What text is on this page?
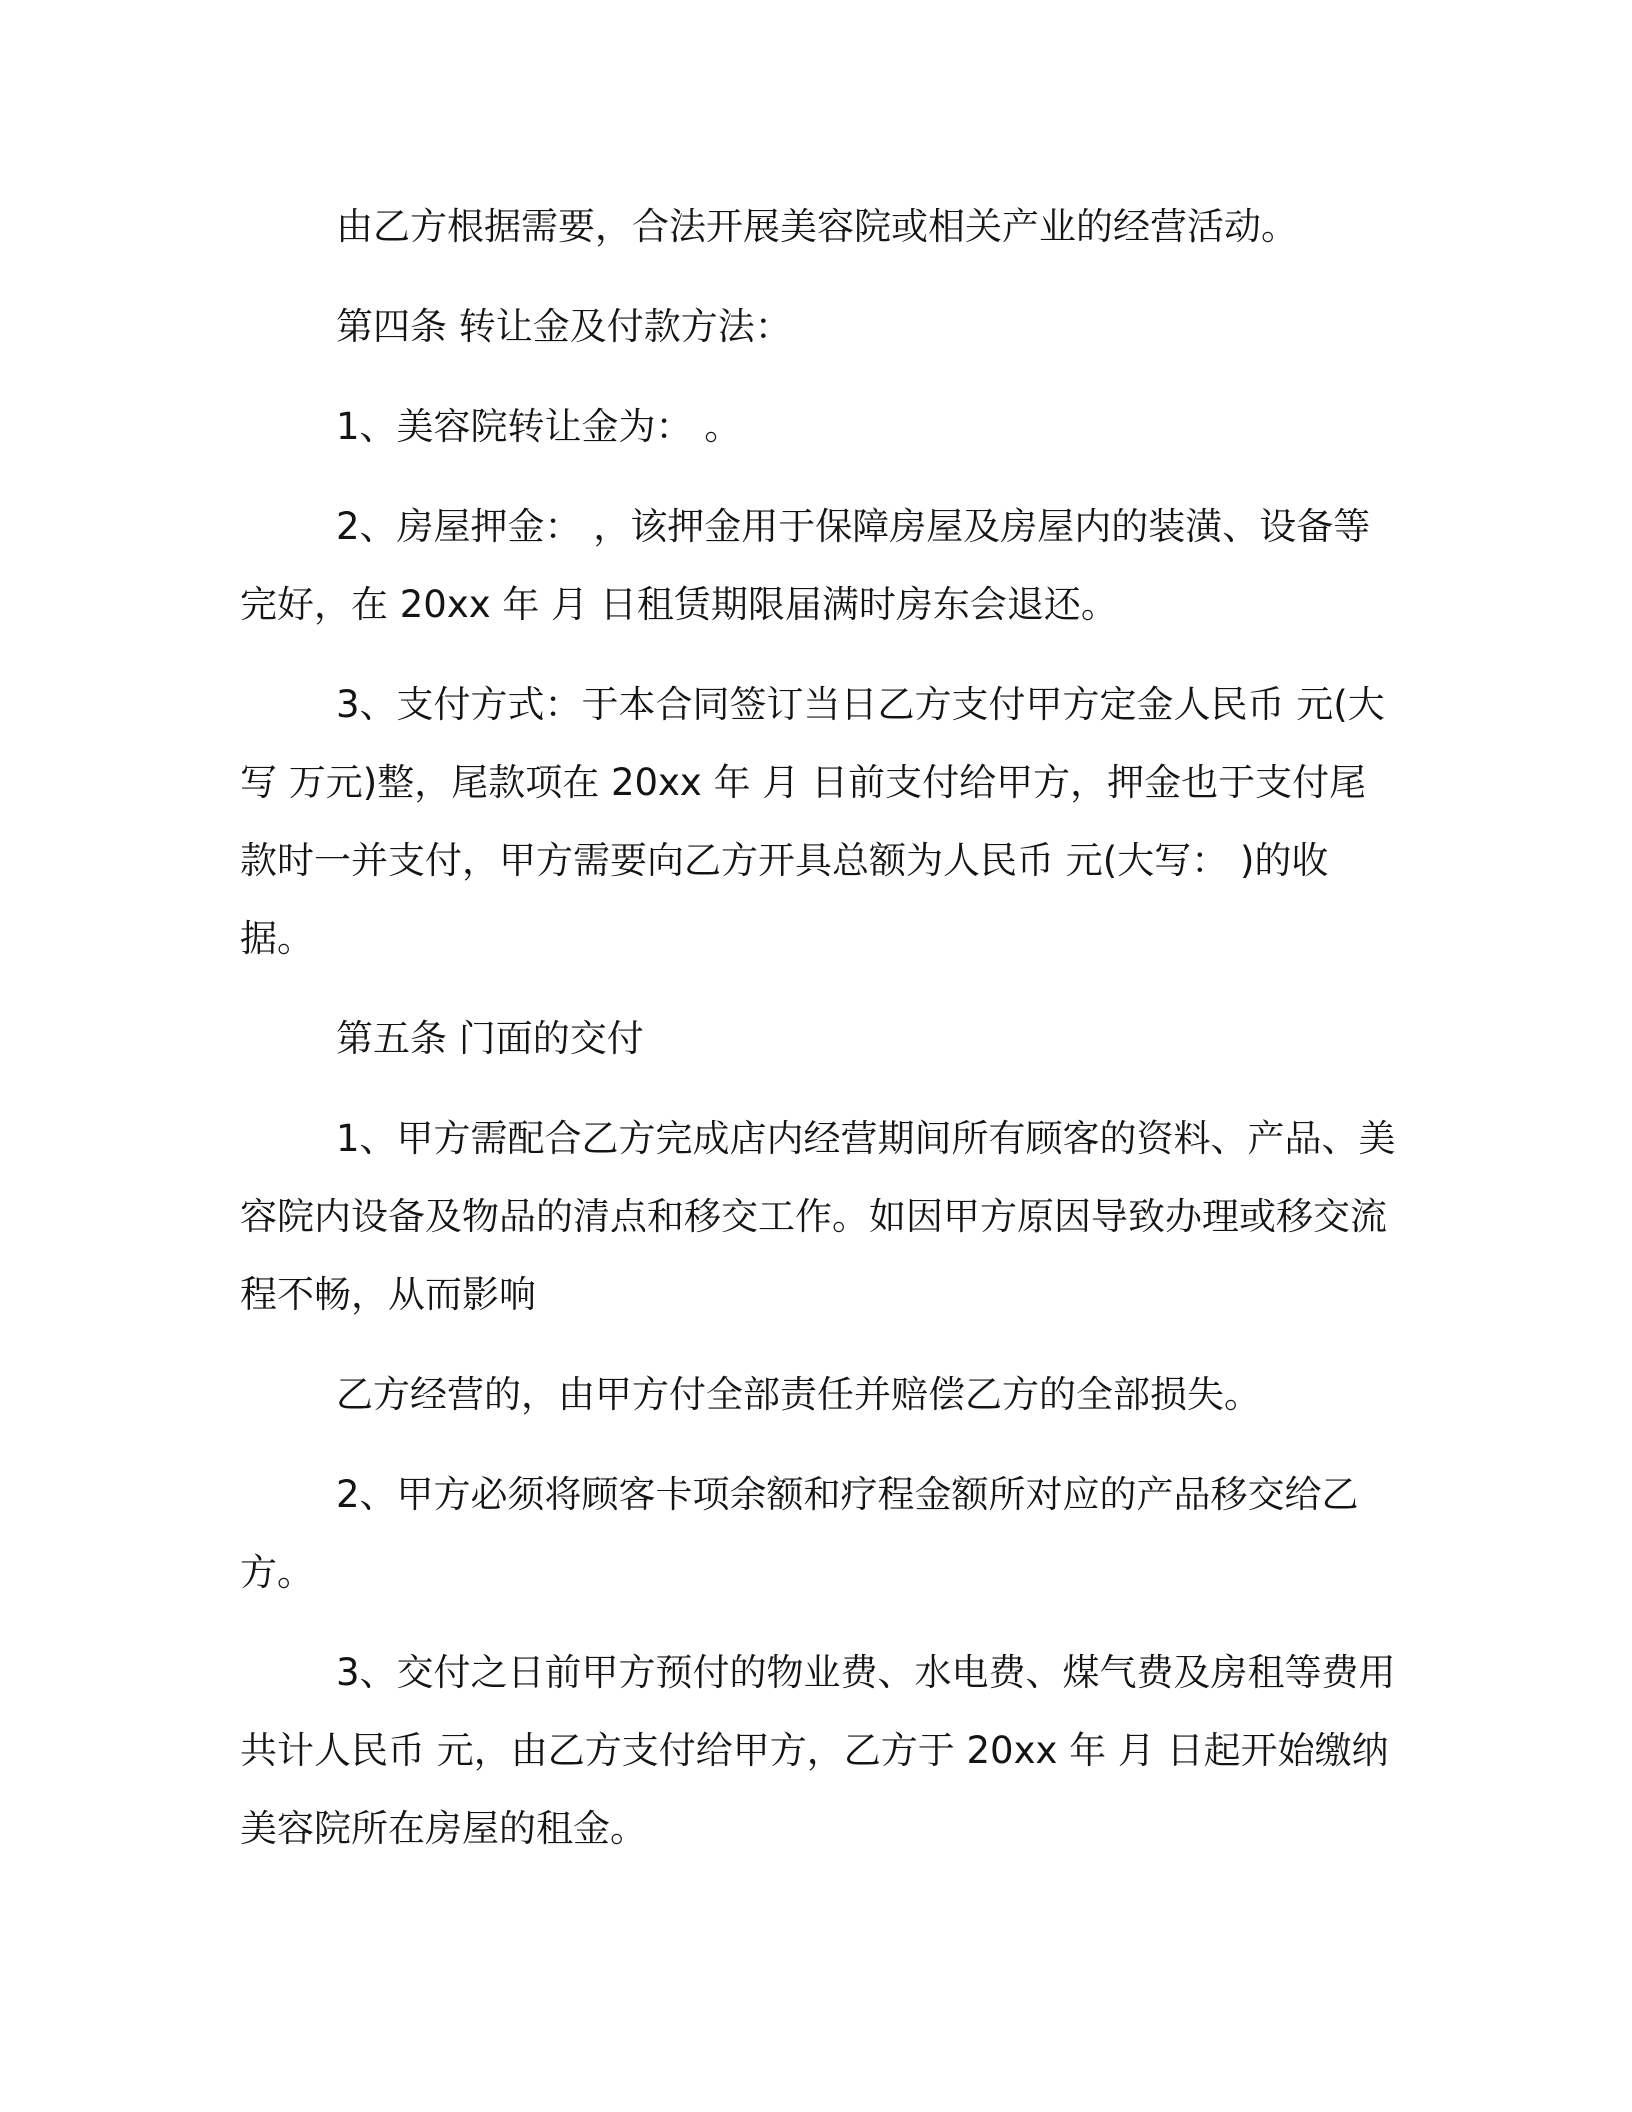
由乙方根据需要，合法开展美容院或相关产业的经营活动。

第四条 转让金及付款方法：

1、美容院转让金为： 。

2、房屋押金： ，该押金用于保障房屋及房屋内的装潢、设备等完好，在 20xx 年 月 日租赁期限届满时房东会退还。

3、支付方式：于本合同签订当日乙方支付甲方定金人民币 元(大写 万元)整，尾款项在 20xx 年 月 日前支付给甲方，押金也于支付尾款时一并支付，甲方需要向乙方开具总额为人民币 元(大写： )的收据。

第五条 门面的交付

1、甲方需配合乙方完成店内经营期间所有顾客的资料、产品、美容院内设备及物品的清点和移交工作。如因甲方原因导致办理或移交流程不畅，从而影响

乙方经营的，由甲方付全部责任并赔偿乙方的全部损失。

2、甲方必须将顾客卡项余额和疗程金额所对应的产品移交给乙方。

3、交付之日前甲方预付的物业费、水电费、煤气费及房租等费用共计人民币 元，由乙方支付给甲方，乙方于 20xx 年 月 日起开始缴纳美容院所在房屋的租金。
